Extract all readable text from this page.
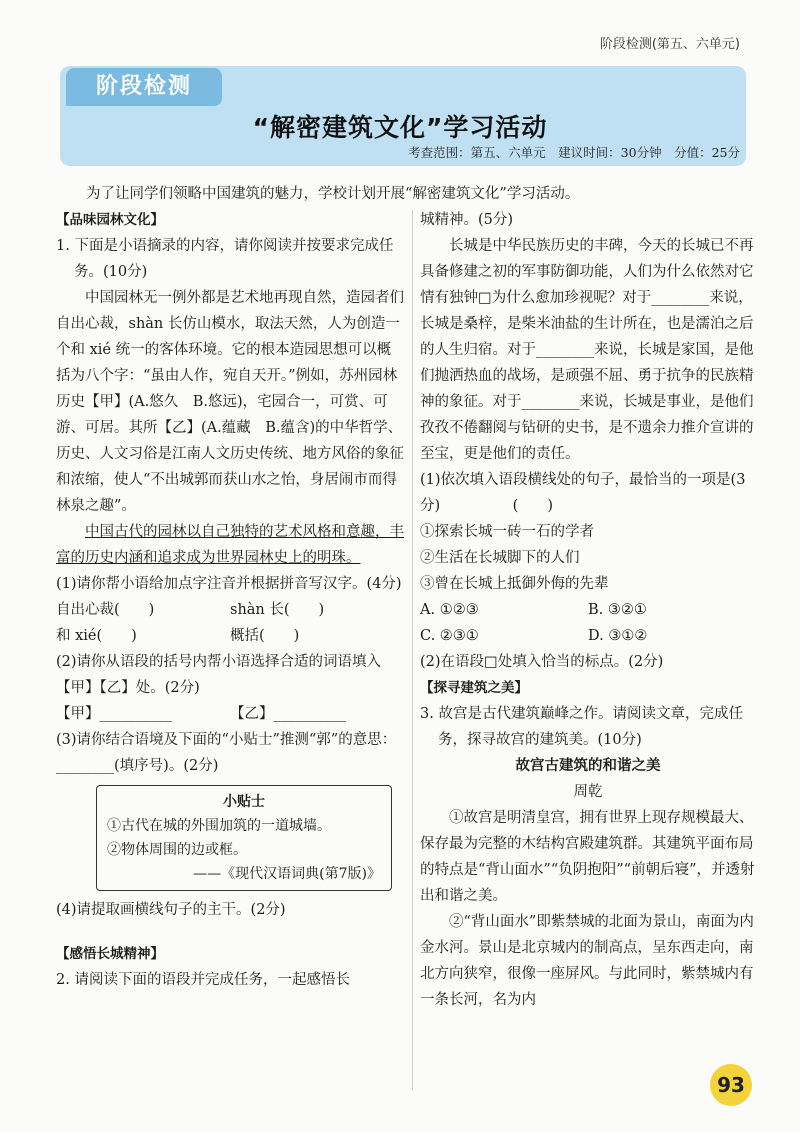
阶段检测(第五、六单元)
阶段检测
“解密建筑文化”学习活动
考查范围：第五、六单元　建议时间：30分钟　分值：25分
为了让同学们领略中国建筑的魅力，学校计划开展“解密建筑文化”学习活动。
【品味园林文化】
1. 下面是小语摘录的内容，请你阅读并按要求完成任务。(10分)
中国园林无一例外都是艺术地再现自然，造园者们自出心裁，shàn 长仿山模水，取法天然，人为创造一个和 xié 统一的客体环境。它的根本造园思想可以概括为八个字：“虽由人作，宛自天开。”例如，苏州园林历史【甲】(A.悠久　B.悠远)，宅园合一，可赏、可游、可居。其所【乙】(A.蕴藏　B.蕴含)的中华哲学、历史、人文习俗是江南人文历史传统、地方风俗的象征和浓缩，使人“不出城郭而获山水之怡，身居闹市而得林泉之趣”。
中国古代的园林以自己独特的艺术风格和意趣，丰富的历史内涵和追求成为世界园林史上的明珠。
(1)请你帮小语给加点字注音并根据拼音写汉字。(4分)
自出心裁(　　)	shàn 长(　　)
和 xié(　　)	概括(　　)
(2)请你从语段的括号内帮小语选择合适的词语填入【甲】【乙】处。(2分)
【甲】__________	【乙】__________
(3)请你结合语境及下面的“小贴士”推测“郭”的意思：________(填序号)。(2分)
小贴士
①古代在城的外围加筑的一道城墙。
②物体周围的边或框。
——《现代汉语词典(第7版)》
(4)请提取画横线句子的主干。(2分)
【感悟长城精神】
2. 请阅读下面的语段并完成任务，一起感悟长
城精神。(5分)
长城是中华民族历史的丰碑，今天的长城已不再具备修建之初的军事防御功能，人们为什么依然对它情有独钟□为什么愈加珍视呢？对于________来说，长城是桑梓，是柴米油盐的生计所在，也是濡泊之后的人生归宿。对于________来说，长城是家国，是他们抛洒热血的战场，是顽强不屈、勇于抗争的民族精神的象征。对于________来说，长城是事业，是他们孜孜不倦翻阅与钻研的史书，是不遗余力推介宣讲的至宝，更是他们的责任。
(1)依次填入语段横线处的句子，最恰当的一项是(3分)　　　　　(　　)
①探索长城一砖一石的学者
②生活在长城脚下的人们
③曾在长城上抵御外侮的先辈
A. ①②③	B. ③②①
C. ②③①	D. ③①②
(2)在语段□处填入恰当的标点。(2分)
【探寻建筑之美】
3. 故宫是古代建筑巅峰之作。请阅读文章，完成任务，探寻故宫的建筑美。(10分)
故宫古建筑的和谐之美
周乾
①故宫是明清皇宫，拥有世界上现存规模最大、保存最为完整的木结构宫殿建筑群。其建筑平面布局的特点是“背山面水”“负阴抱阳”“前朝后寝”，并透射出和谐之美。
②“背山面水”即紫禁城的北面为景山，南面为内金水河。景山是北京城内的制高点，呈东西走向，南北方向狭窄，很像一座屏风。与此同时，紫禁城内有一条长河，名为内
93
